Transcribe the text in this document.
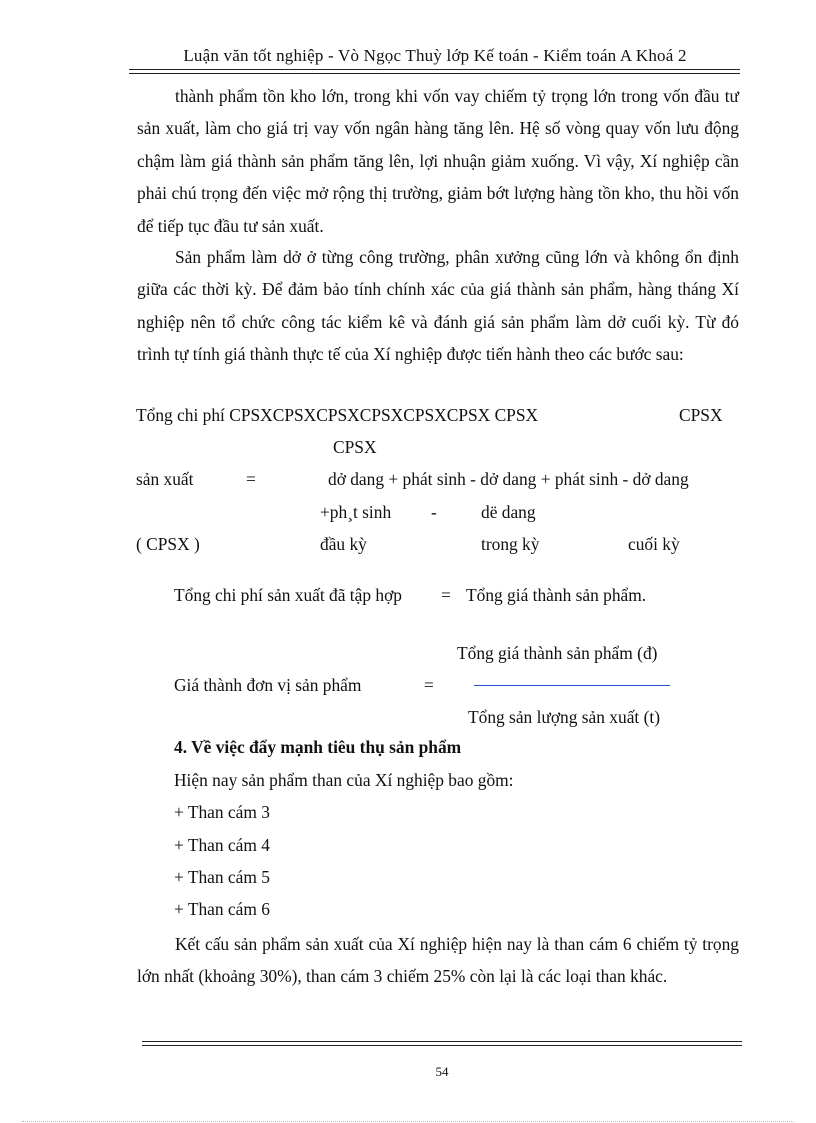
Luận văn tốt nghiệp - Vò Ngọc Thuỳ lớp Kế toán - Kiểm toán A Khoá 2

thành phẩm tồn kho lớn, trong khi vốn vay chiếm tỷ trọng lớn trong vốn đầu tư sản xuất, làm cho giá trị vay vốn ngân hàng tăng lên. Hệ số vòng quay vốn lưu động chậm làm giá thành sản phẩm tăng lên, lợi nhuận giảm xuống. Vì vậy, Xí nghiệp cần phải chú trọng đến việc mở rộng thị trường, giảm bớt lượng hàng tồn kho, thu hồi vốn để tiếp tục đầu tư sản xuất.

Sản phẩm làm dở ở từng công trường, phân xưởng cũng lớn và không ổn định giữa các thời kỳ. Để đảm bảo tính chính xác của giá thành sản phẩm, hàng tháng Xí nghiệp nên tổ chức công tác kiểm kê và đánh giá sản phẩm làm dở cuối kỳ. Từ đó trình tự tính giá thành thực tế của Xí nghiệp được tiến hành theo các bước sau:

Tổng chi phí CPSXCPSXCPSXCPSXCPSXCPSX CPSX	CPSX
CPSX
sản xuất	=	dở dang + phát sinh - dở dang + phát sinh - dở dang
+ph¸t sinh -	dë dang
( CPSX )	đầu kỳ	trong kỳ	cuối kỳ
Tổng chi phí sản xuất đã tập hợp = Tổng giá thành sản phẩm.
Tổng giá thành sản phẩm (đ)
Giá thành đơn vị sản phẩm	=
Tổng sản lượng sản xuất (t)
4. Về việc đẩy mạnh tiêu thụ sản phẩm
Hiện nay sản phẩm than của Xí nghiệp bao gồm:
+ Than cám 3
+ Than cám 4
+ Than cám 5
+ Than cám 6

Kết cấu sản phẩm sản xuất của Xí nghiệp hiện nay là than cám 6 chiếm tỷ trọng lớn nhất (khoảng 30%), than cám 3 chiếm 25% còn lại là các loại than khác.

54
